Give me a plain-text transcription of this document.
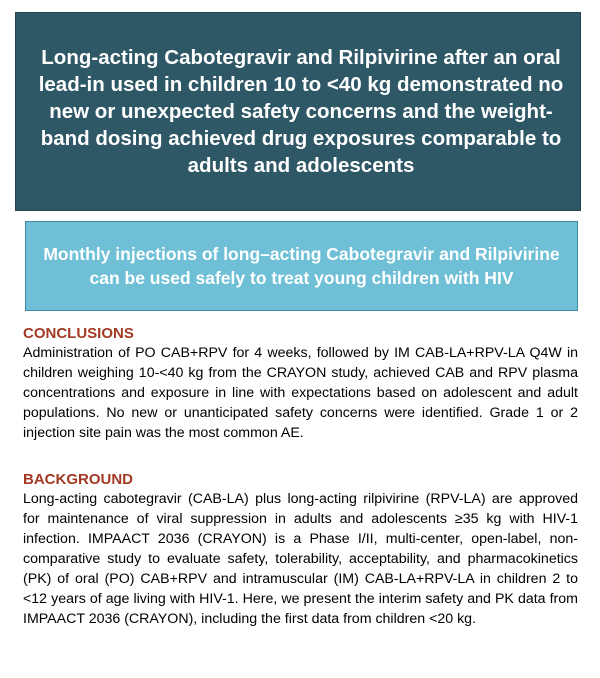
Long-acting Cabotegravir and Rilpivirine after an oral lead-in used in children 10 to <40 kg demonstrated no new or unexpected safety concerns and the weight-band dosing achieved drug exposures comparable to adults and adolescents

Monthly injections of long–acting Cabotegravir and Rilpivirine can be used safely to treat young children with HIV

CONCLUSIONS

Administration of PO CAB+RPV for 4 weeks, followed by IM CAB-LA+RPV-LA Q4W in children weighing 10-<40 kg from the CRAYON study, achieved CAB and RPV plasma concentrations and exposure in line with expectations based on adolescent and adult populations. No new or unanticipated safety concerns were identified. Grade 1 or 2 injection site pain was the most common AE.

BACKGROUND

Long-acting cabotegravir (CAB-LA) plus long-acting rilpivirine (RPV-LA) are approved for maintenance of viral suppression in adults and adolescents ≥35 kg with HIV-1 infection. IMPAACT 2036 (CRAYON) is a Phase I/II, multi-center, open-label, non-comparative study to evaluate safety, tolerability, acceptability, and pharmacokinetics (PK) of oral (PO) CAB+RPV and intramuscular (IM) CAB-LA+RPV-LA in children 2 to <12 years of age living with HIV-1. Here, we present the interim safety and PK data from IMPAACT 2036 (CRAYON), including the first data from children <20 kg.
